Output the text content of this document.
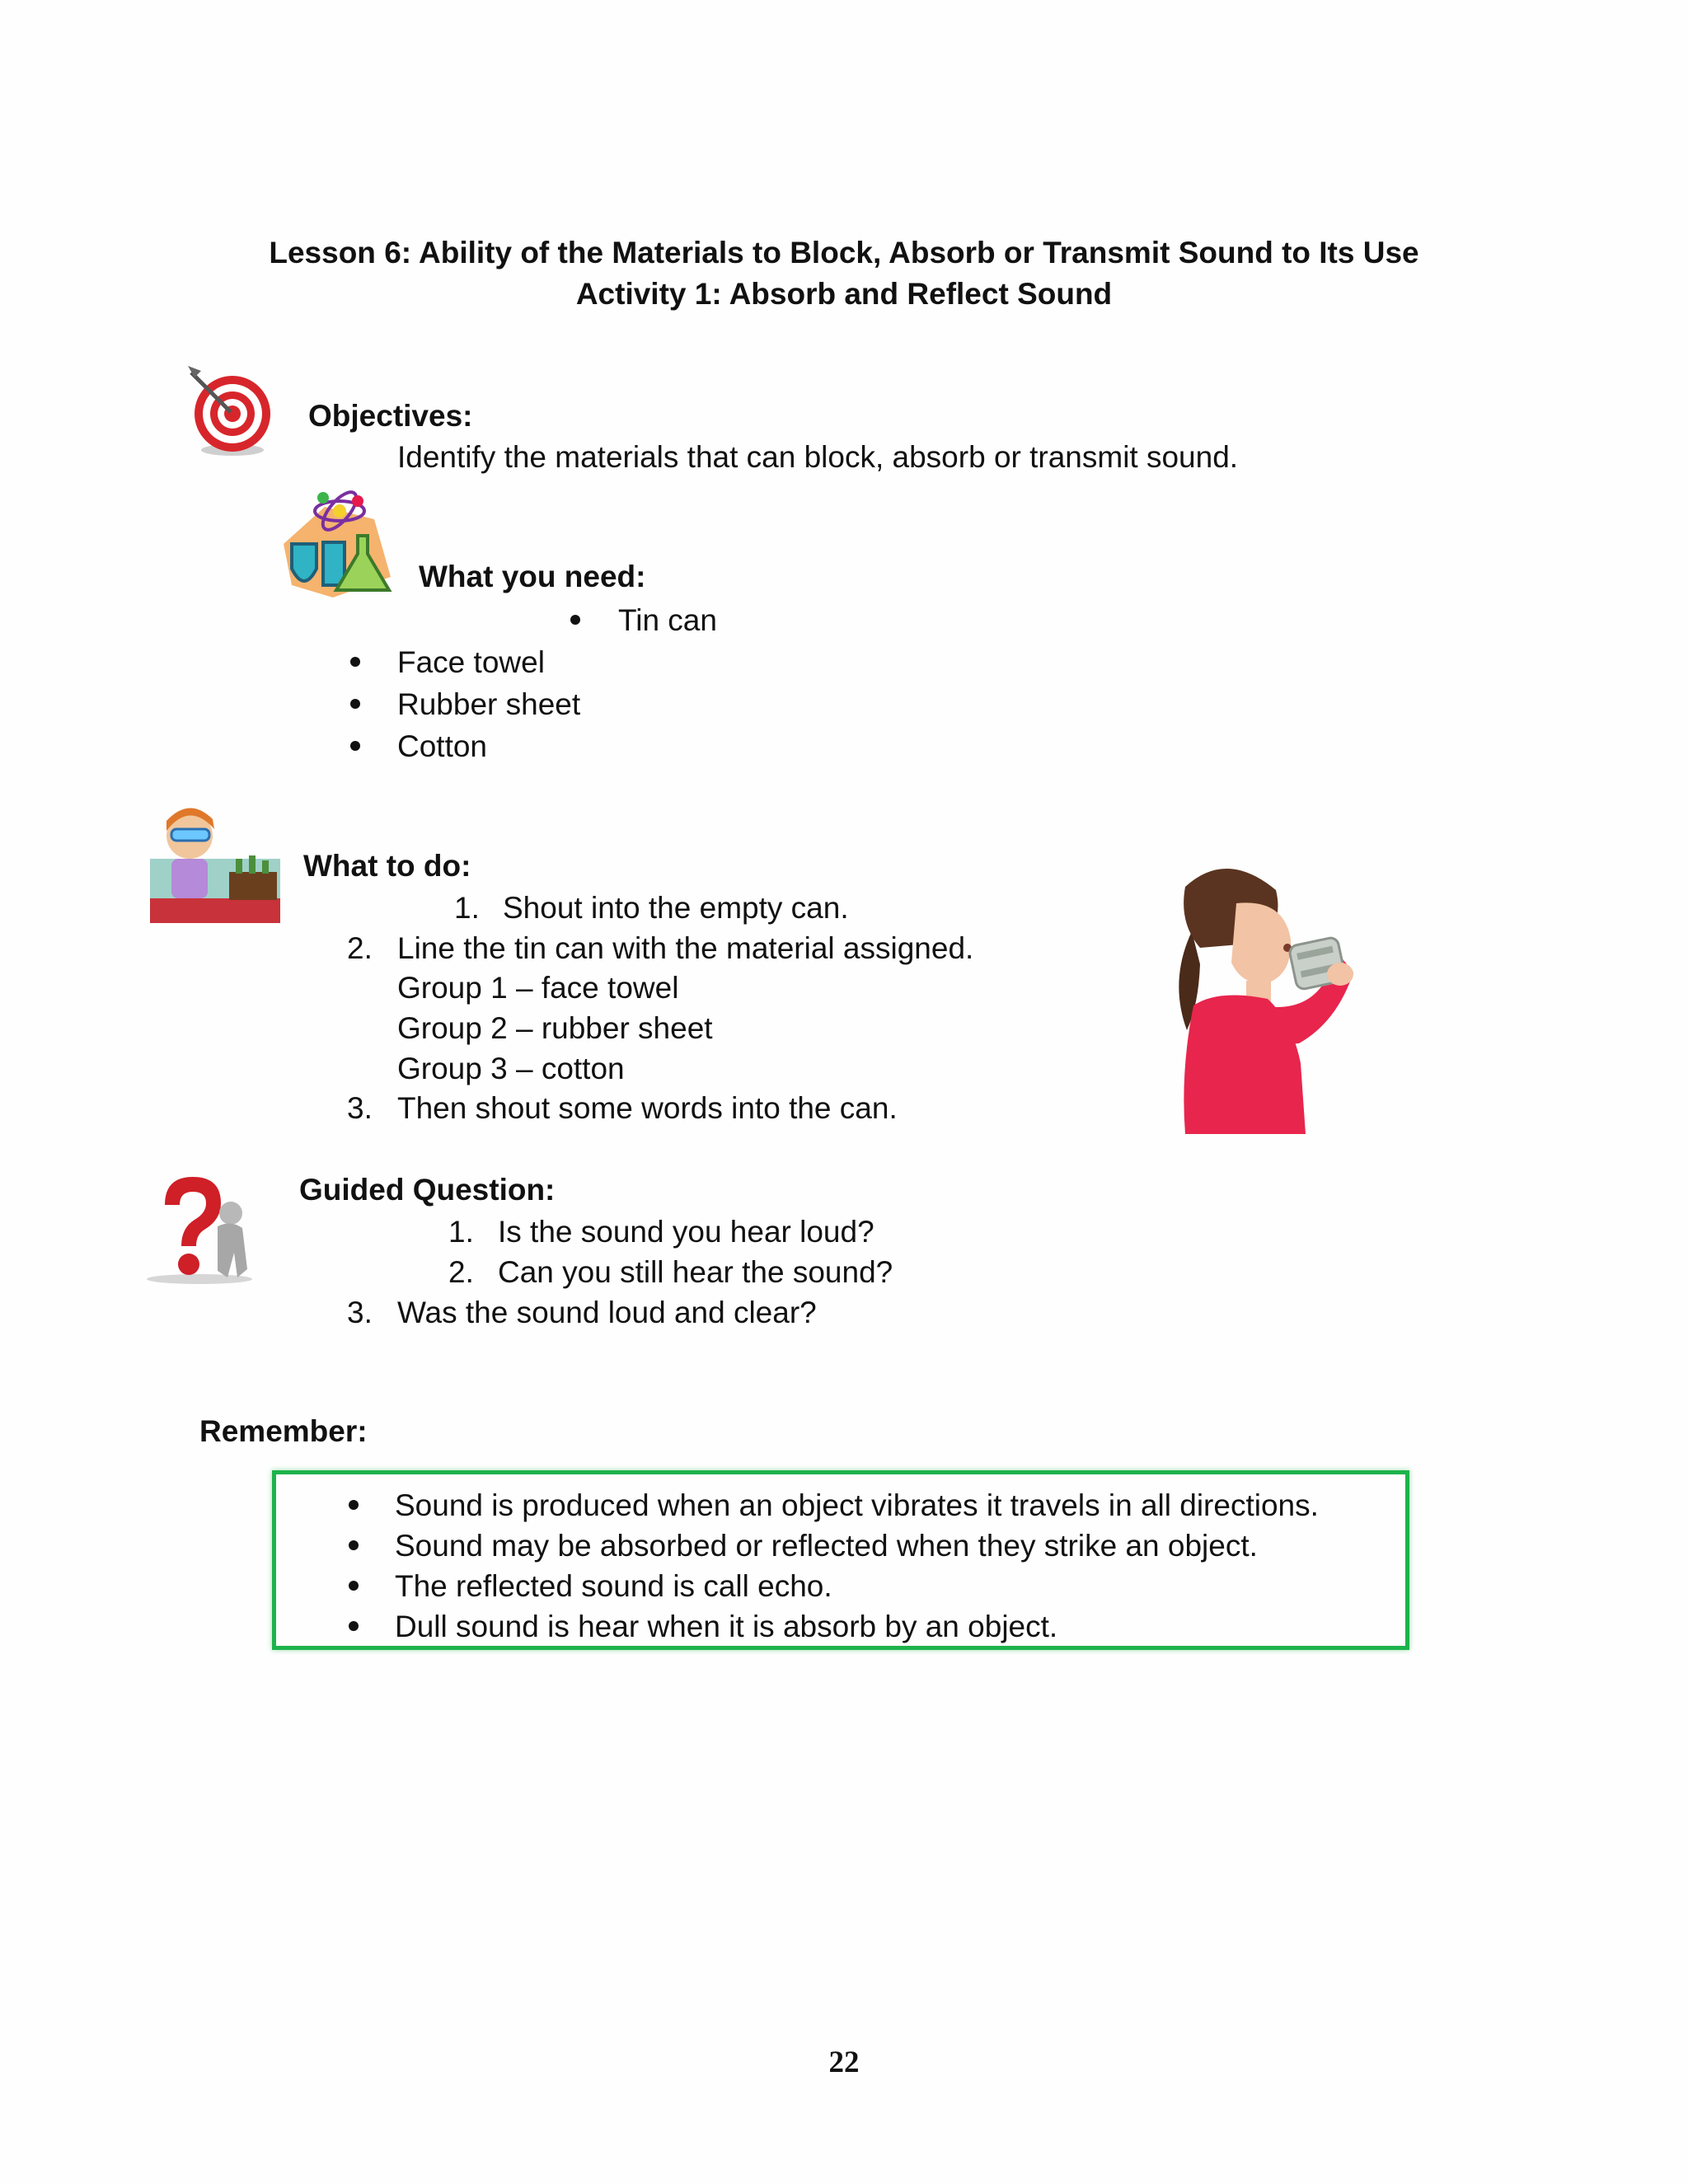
Lesson 6: Ability of the Materials to Block, Absorb or Transmit Sound to Its Use
Activity 1: Absorb and Reflect Sound
Objectives:
Identify the materials that can block, absorb or transmit sound.
What you need:
Tin can
Face towel
Rubber sheet
Cotton
What to do:
1. Shout into the empty can.
2. Line the tin can with the material assigned.
Group 1 – face towel
Group 2 – rubber sheet
Group 3 – cotton
3. Then shout some words into the can.
Guided Question:
1. Is the sound you hear loud?
2. Can you still hear the sound?
3. Was the sound loud and clear?
Remember:
Sound is produced when an object vibrates it travels in all directions.
Sound may be absorbed or reflected when they strike an object.
The reflected sound is call echo.
Dull sound is hear when it is absorb by an object.
22
